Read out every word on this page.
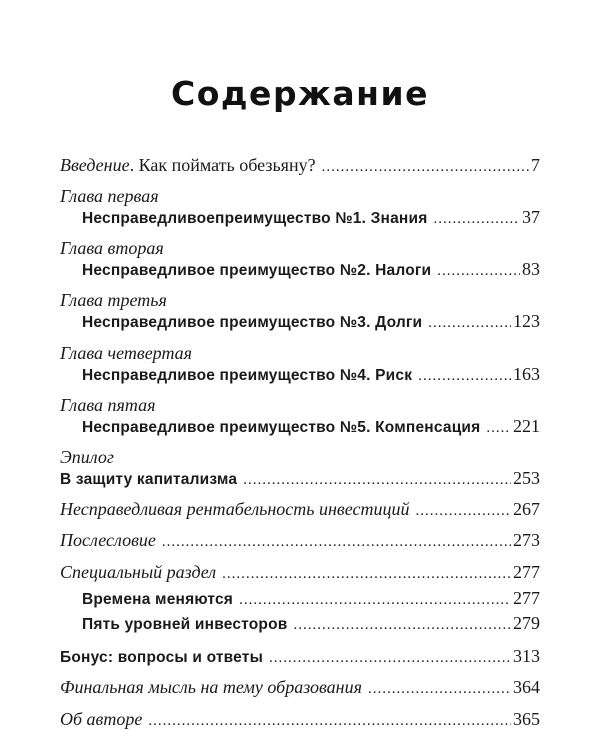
Содержание
Введение. Как поймать обезьяну? .....	7
Глава первая
Несправедливоепреимущество №1. Знания .....	37
Глава вторая
Несправедливое преимущество №2. Налоги .....	83
Глава третья
Несправедливое преимущество №3. Долги .....	123
Глава четвертая
Несправедливое преимущество №4. Риск .....	163
Глава пятая
Несправедливое преимущество №5. Компенсация ..... 221
Эпилог
В защиту капитализма .....	253
Несправедливая рентабельность инвестиций .....	267
Послесловие .....	273
Специальный раздел .....	277
Времена меняются .....	277
Пять уровней инвесторов .....	279
Бонус: вопросы и ответы .....	313
Финальная мысль на тему образования .....	364
Об авторе .....	365
